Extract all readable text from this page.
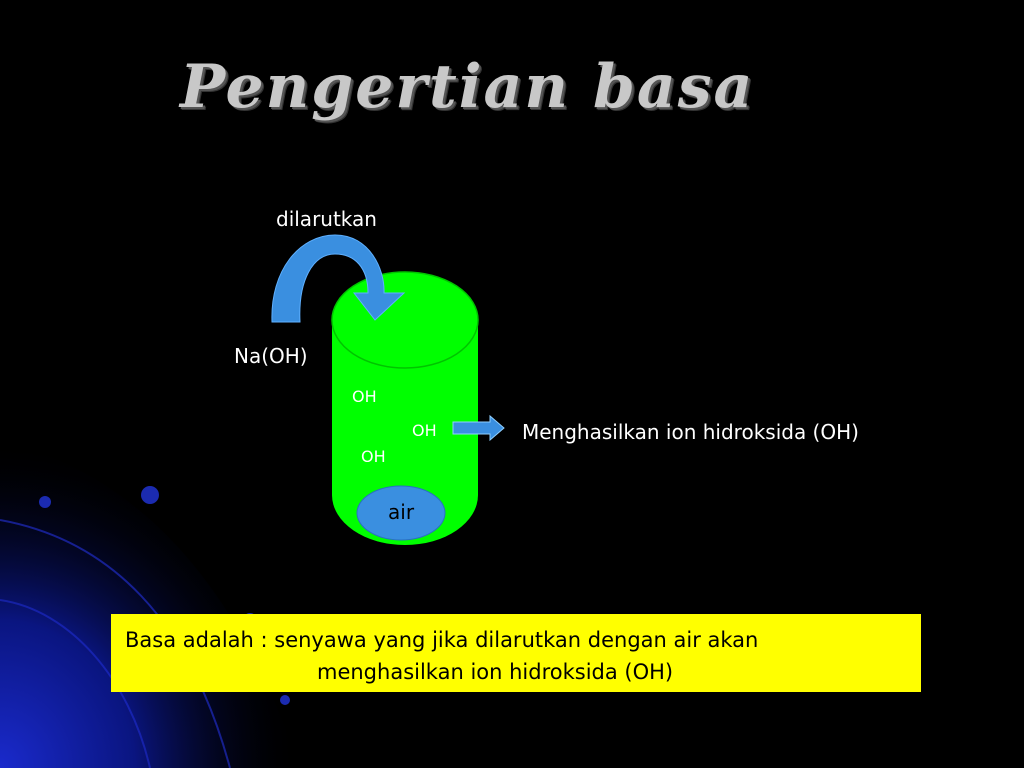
Pengertian basa
dilarutkan
Na(OH)
OH
OH
OH
air
Menghasilkan ion hidroksida (OH)
Basa adalah : senyawa yang jika dilarutkan dengan air akan
menghasilkan ion hidroksida (OH)
